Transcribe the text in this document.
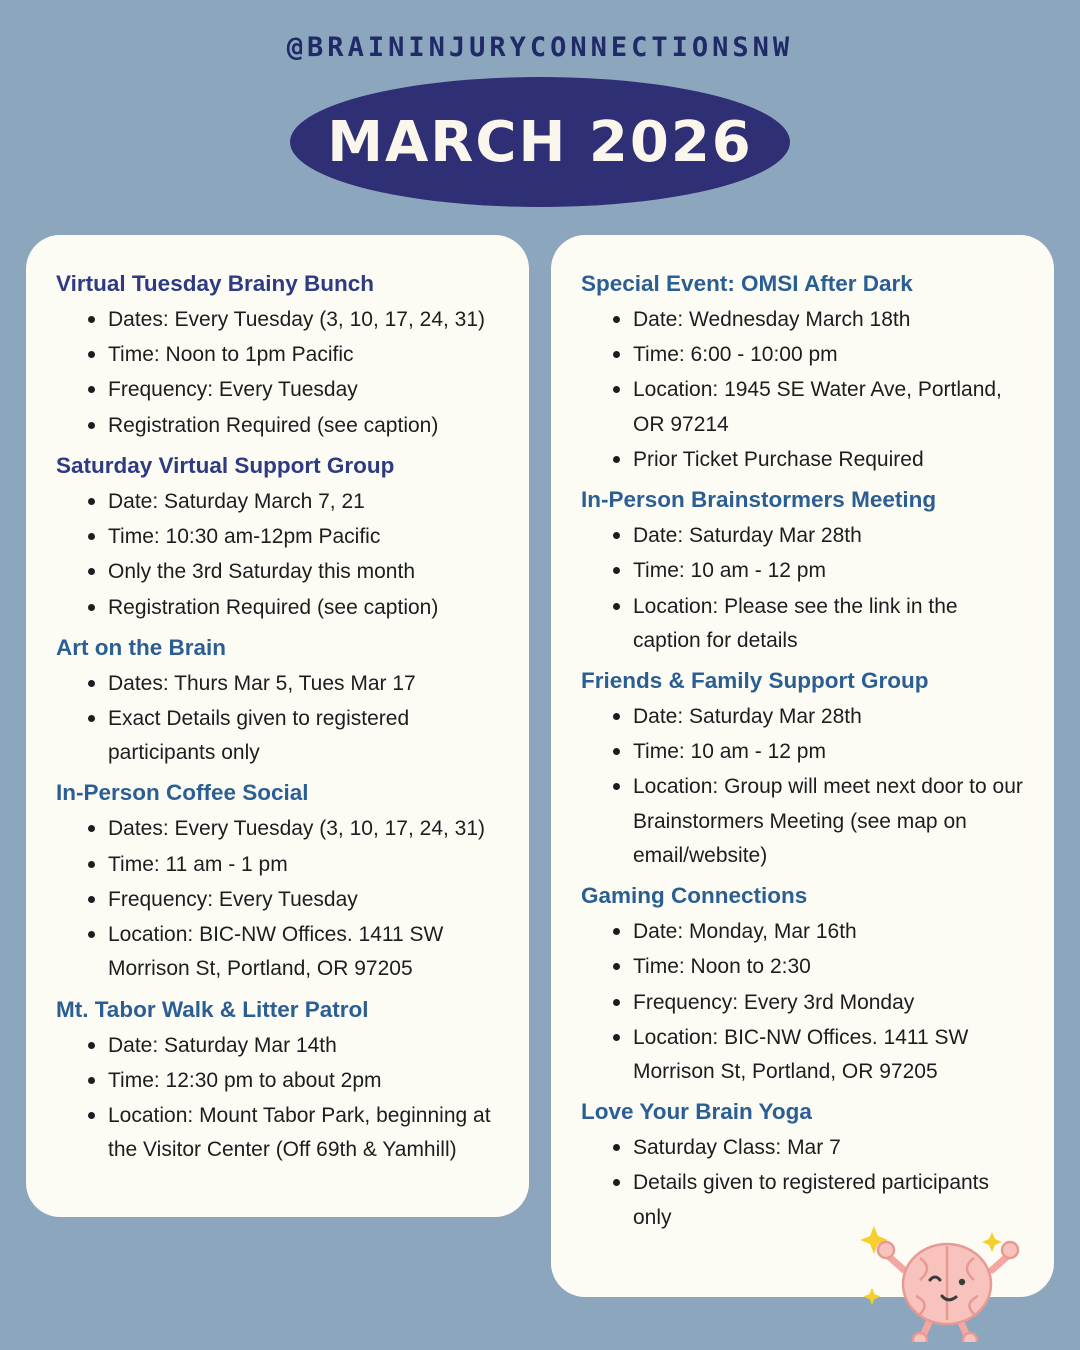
@BRAININJURYCONNECTIONSNW
MARCH 2026
Virtual Tuesday Brainy Bunch
Dates: Every Tuesday (3, 10, 17, 24, 31)
Time: Noon to 1pm Pacific
Frequency: Every Tuesday
Registration Required (see caption)
Saturday Virtual Support Group
Date: Saturday March 7, 21
Time: 10:30 am-12pm Pacific
Only the 3rd Saturday this month
Registration Required (see caption)
Art on the Brain
Dates: Thurs Mar 5, Tues Mar 17
Exact Details given to registered participants only
In-Person Coffee Social
Dates: Every Tuesday (3, 10, 17, 24, 31)
Time: 11 am - 1 pm
Frequency: Every Tuesday
Location: BIC-NW Offices. 1411 SW Morrison St, Portland, OR 97205
Mt. Tabor Walk & Litter Patrol
Date: Saturday Mar 14th
Time: 12:30 pm to about 2pm
Location: Mount Tabor Park, beginning at the Visitor Center (Off 69th & Yamhill)
Special Event: OMSI After Dark
Date: Wednesday March 18th
Time: 6:00 - 10:00 pm
Location: 1945 SE Water Ave, Portland, OR 97214
Prior Ticket Purchase Required
In-Person Brainstormers Meeting
Date: Saturday Mar 28th
Time: 10 am - 12 pm
Location: Please see the link in the caption for details
Friends & Family Support Group
Date: Saturday Mar 28th
Time: 10 am - 12 pm
Location: Group will meet next door to our Brainstormers Meeting (see map on email/website)
Gaming Connections
Date: Monday, Mar 16th
Time: Noon to 2:30
Frequency: Every 3rd Monday
Location: BIC-NW Offices. 1411 SW Morrison St, Portland, OR 97205
Love Your Brain Yoga
Saturday Class: Mar 7
Details given to registered participants only
